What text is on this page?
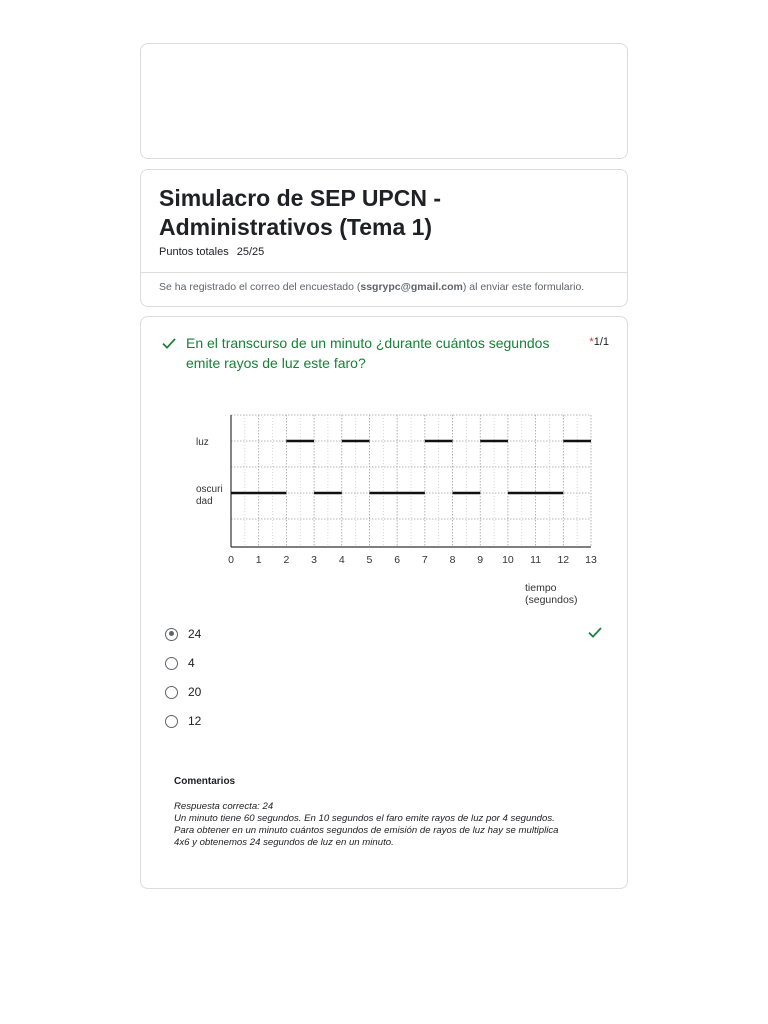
Simulacro de SEP UPCN -
Administrativos (Tema 1)
Puntos totales 25/25
Se ha registrado el correo del encuestado (ssgrypc@gmail.com) al enviar este formulario.
En el transcurso de un minuto ¿durante cuántos segundos emite rayos de luz este faro?
*1/1
0 1 2 3 4 5 6 7 8 9 10 11 12 13
luz
oscuri
dad
tiempo
(segundos)
24
4
20
12
Comentarios
Respuesta correcta: 24
Un minuto tiene 60 segundos. En 10 segundos el faro emite rayos de luz por 4 segundos.
Para obtener en un minuto cuántos segundos de emisión de rayos de luz hay se multiplica
4x6 y obtenemos 24 segundos de luz en un minuto.
